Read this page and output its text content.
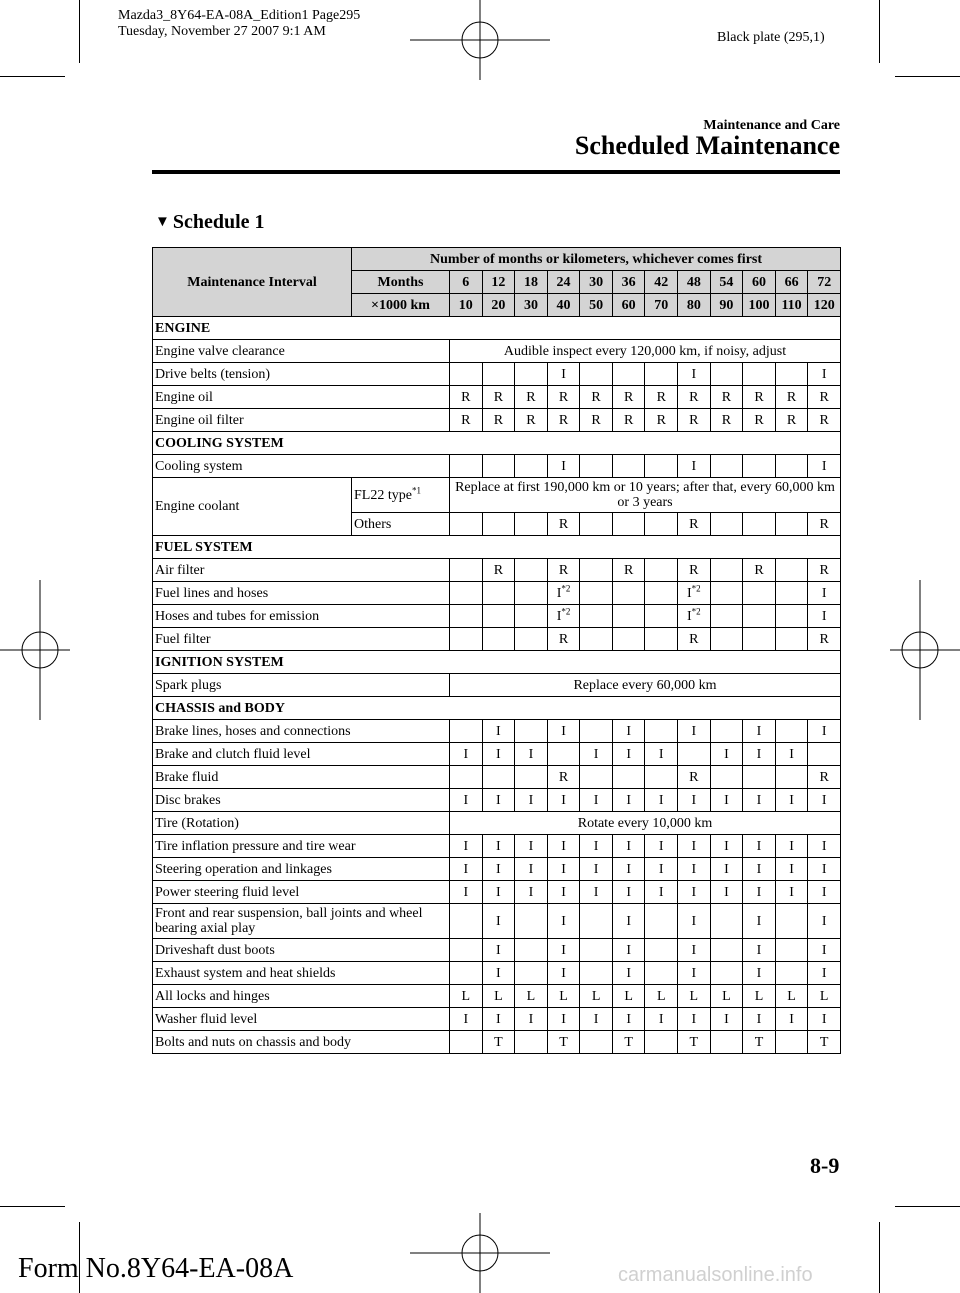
Mazda3_8Y64-EA-08A_Edition1 Page295
Tuesday, November 27 2007 9:1 AM	Black plate (295,1)
Maintenance and Care
Scheduled Maintenance
▼ Schedule 1
Maintenance Interval	Number of months or kilometers, whichever comes first												
	Months	6	12	18	24	30	36	42	48	54	60	66	72
	×1000 km	10	20	30	40	50	60	70	80	90	100	110	120
ENGINE													
Engine valve clearance		Audible inspect every 120,000 km, if noisy, adjust											
Drive belts (tension)					I				I				I
Engine oil		R	R	R	R	R	R	R	R	R	R	R	R
Engine oil filter		R	R	R	R	R	R	R	R	R	R	R	R
COOLING SYSTEM													
Cooling system					I				I				I
Engine coolant	FL22 type$^{*1}$	Replace at first 190,000 km or 10 years; after that, every 60,000 km or 3 years											
	Others				R				R				R
FUEL SYSTEM													
Air filter			R		R		R		R		R		R
Fuel lines and hoses					$I^{*2}$				$I^{*2}$				I
Hoses and tubes for emission					$I^{*2}$				$I^{*2}$				I
Fuel filter					R				R				R
IGNITION SYSTEM													
Spark plugs		Replace every 60,000 km											
CHASSIS and BODY													
Brake lines, hoses and connections			I		I		I		I		I		I
Brake and clutch fluid level		I	I	I		I	I	I		I	I	I	
Brake fluid					R				R				R
Disc brakes		I	I	I	I	I	I	I	I	I	I	I	I
Tire (Rotation)		Rotate every 10,000 km											
Tire inflation pressure and tire wear		I	I	I	I	I	I	I	I	I	I	I	I
Steering operation and linkages		I	I	I	I	I	I	I	I	I	I	I	I
Power steering fluid level		I	I	I	I	I	I	I	I	I	I	I	I
Front and rear suspension, ball joints and wheel bearing axial play			I		I		I		I		I		I
Driveshaft dust boots			I		I		I		I		I		I
Exhaust system and heat shields			I		I		I		I		I		I
All locks and hinges		L	L	L	L	L	L	L	L	L	L	L	L
Washer fluid level		I	I	I	I	I	I	I	I	I	I	I	I
Bolts and nuts on chassis and body			T		T		T		T		T		T
8-9
Form No.8Y64-EA-08A	carmanualsonline.info
